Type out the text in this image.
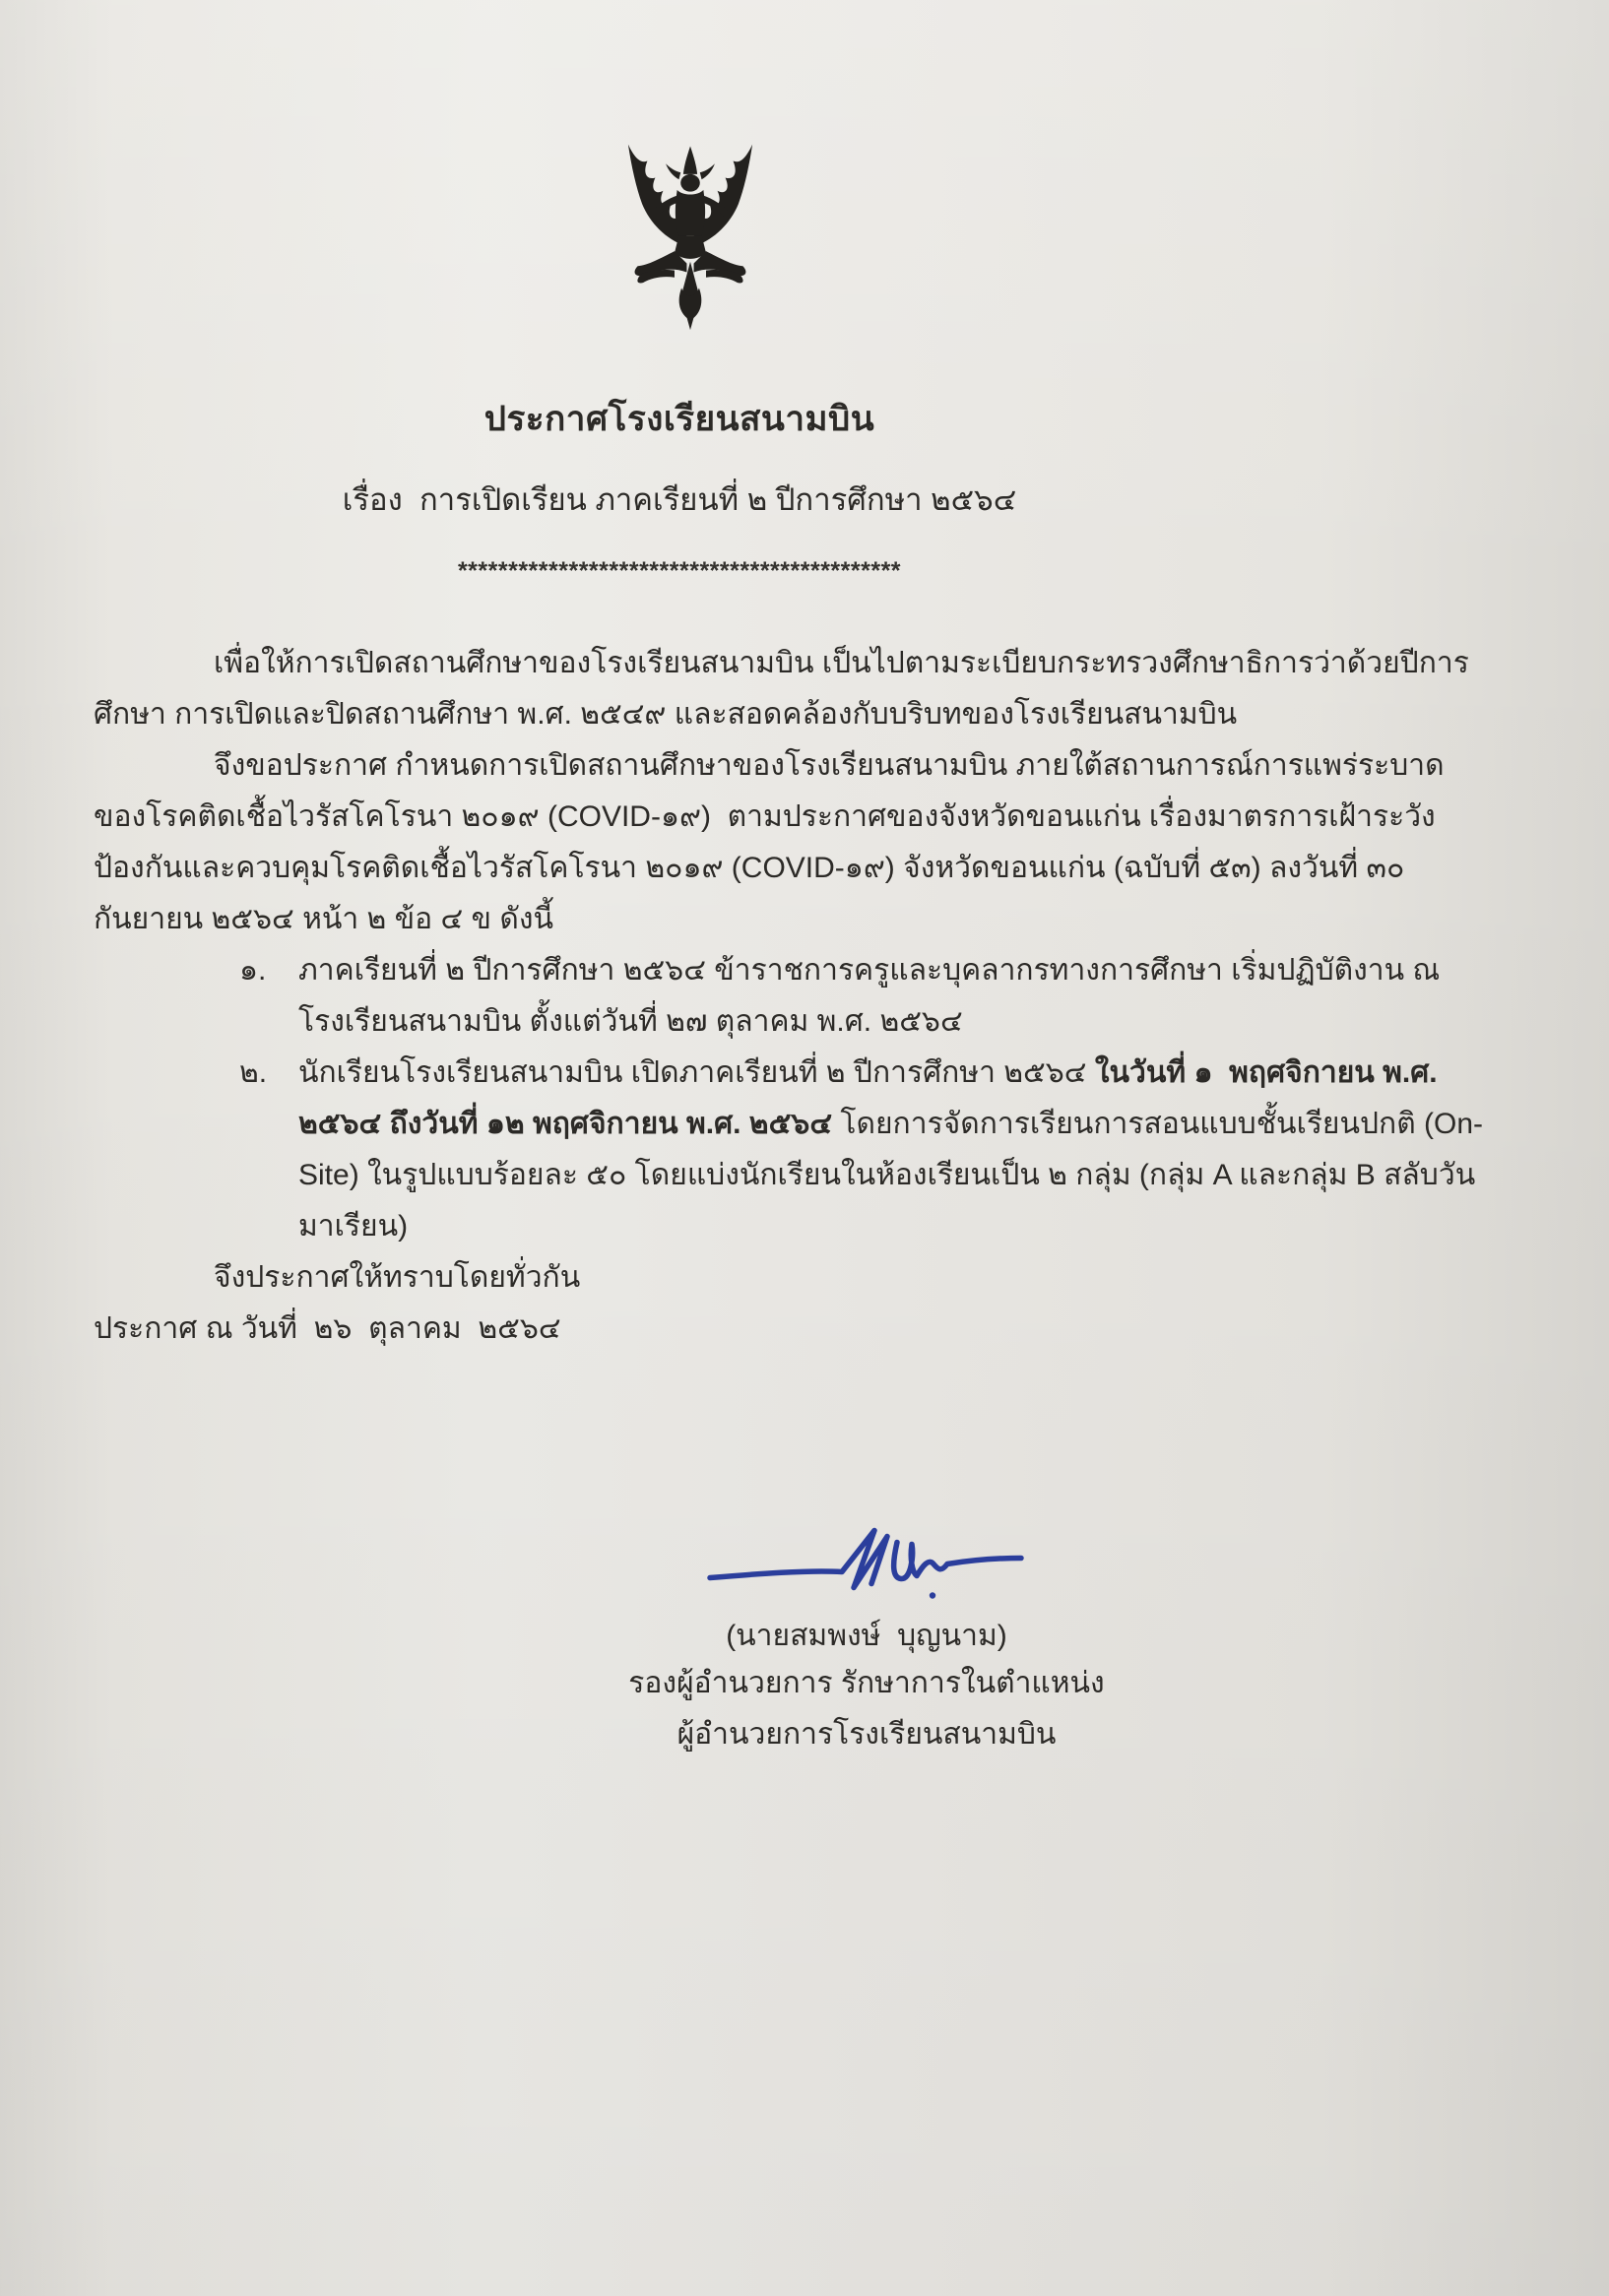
ประกาศโรงเรียนสนามบิน
เรื่อง  การเปิดเรียน ภาคเรียนที่ ๒ ปีการศึกษา ๒๕๖๔
********************************************

เพื่อให้การเปิดสถานศึกษาของโรงเรียนสนามบิน เป็นไปตามระเบียบกระทรวงศึกษาธิการว่าด้วยปีการศึกษา การเปิดและปิดสถานศึกษา พ.ศ. ๒๕๔๙ และสอดคล้องกับบริบทของโรงเรียนสนามบิน

จึงขอประกาศ กำหนดการเปิดสถานศึกษาของโรงเรียนสนามบิน ภายใต้สถานการณ์การแพร่ระบาดของโรคติดเชื้อไวรัสโคโรนา ๒๐๑๙ (COVID-๑๙)  ตามประกาศของจังหวัดขอนแก่น เรื่องมาตรการเฝ้าระวังป้องกันและควบคุมโรคติดเชื้อไวรัสโคโรนา ๒๐๑๙ (COVID-๑๙) จังหวัดขอนแก่น (ฉบับที่ ๕๓) ลงวันที่ ๓๐ กันยายน ๒๕๖๔ หน้า ๒ ข้อ ๔ ข ดังนี้

๑. ภาคเรียนที่ ๒ ปีการศึกษา ๒๕๖๔ ข้าราชการครูและบุคลากรทางการศึกษา เริ่มปฏิบัติงาน ณ โรงเรียนสนามบิน ตั้งแต่วันที่ ๒๗ ตุลาคม พ.ศ. ๒๕๖๔
๒. นักเรียนโรงเรียนสนามบิน เปิดภาคเรียนที่ ๒ ปีการศึกษา ๒๕๖๔ ในวันที่ ๑  พฤศจิกายน พ.ศ. ๒๕๖๔ ถึงวันที่ ๑๒ พฤศจิกายน พ.ศ. ๒๕๖๔ โดยการจัดการเรียนการสอนแบบชั้นเรียนปกติ (On-Site) ในรูปแบบร้อยละ ๕๐ โดยแบ่งนักเรียนในห้องเรียนเป็น ๒ กลุ่ม (กลุ่ม A และกลุ่ม B สลับวันมาเรียน)

จึงประกาศให้ทราบโดยทั่วกัน

ประกาศ ณ วันที่  ๒๖  ตุลาคม  ๒๕๖๔

(นายสมพงษ์  บุญนาม)

รองผู้อำนวยการ รักษาการในตำแหน่ง

ผู้อำนวยการโรงเรียนสนามบิน
